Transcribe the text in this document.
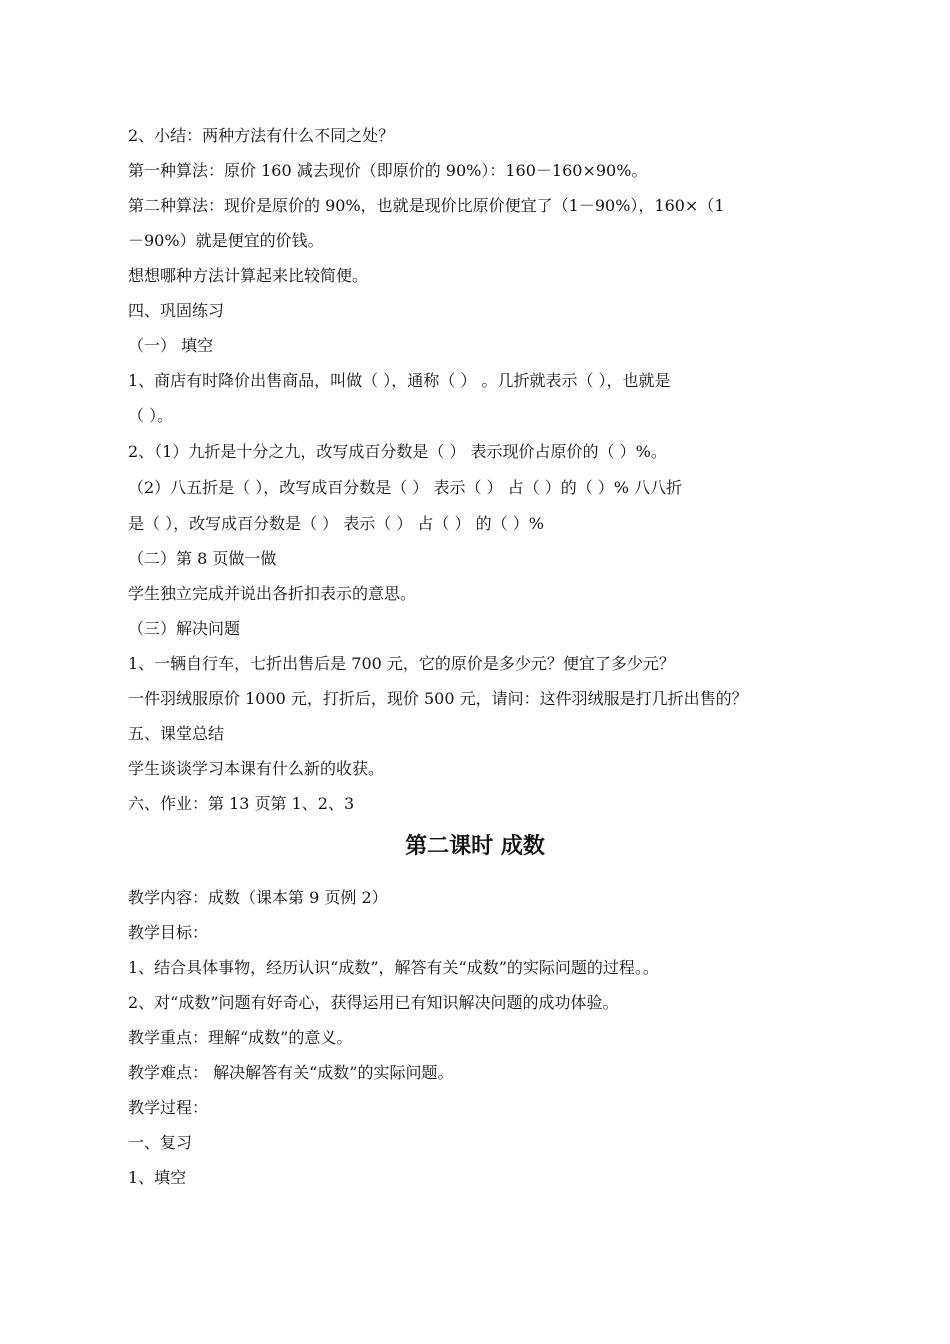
2、小结：两种方法有什么不同之处？
第一种算法：原价 160 减去现价（即原价的 90%）：160－160×90%。
第二种算法：现价是原价的 90%，也就是现价比原价便宜了（1－90%），160×（1
－90%）就是便宜的价钱。
想想哪种方法计算起来比较简便。
四、巩固练习
（一） 填空
1、商店有时降价出售商品，叫做（ ），通称（ ） 。几折就表示（ ），也就是
（ ）。
2、（1）九折是十分之九，改写成百分数是（ ） 表示现价占原价的（ ）%。
（2）八五折是（ ），改写成百分数是（ ） 表示（ ） 占（ ）的（ ）% 八八折
是（ ），改写成百分数是（ ） 表示（ ） 占（ ） 的（ ）%
（二）第 8 页做一做
学生独立完成并说出各折扣表示的意思。
（三）解决问题
1、一辆自行车，七折出售后是 700 元，它的原价是多少元？便宜了多少元？
一件羽绒服原价 1000 元，打折后，现价 500 元，请问：这件羽绒服是打几折出售的？
五、课堂总结
学生谈谈学习本课有什么新的收获。
六、作业：第 13 页第 1、2、3
第二课时 成数
教学内容：成数（课本第 9 页例 2）
教学目标：
1、结合具体事物，经历认识“成数”，解答有关“成数”的实际问题的过程。。
2、对“成数”问题有好奇心，获得运用已有知识解决问题的成功体验。
教学重点：理解“成数”的意义。
教学难点： 解决解答有关“成数”的实际问题。
教学过程：
一、复习
1、填空
